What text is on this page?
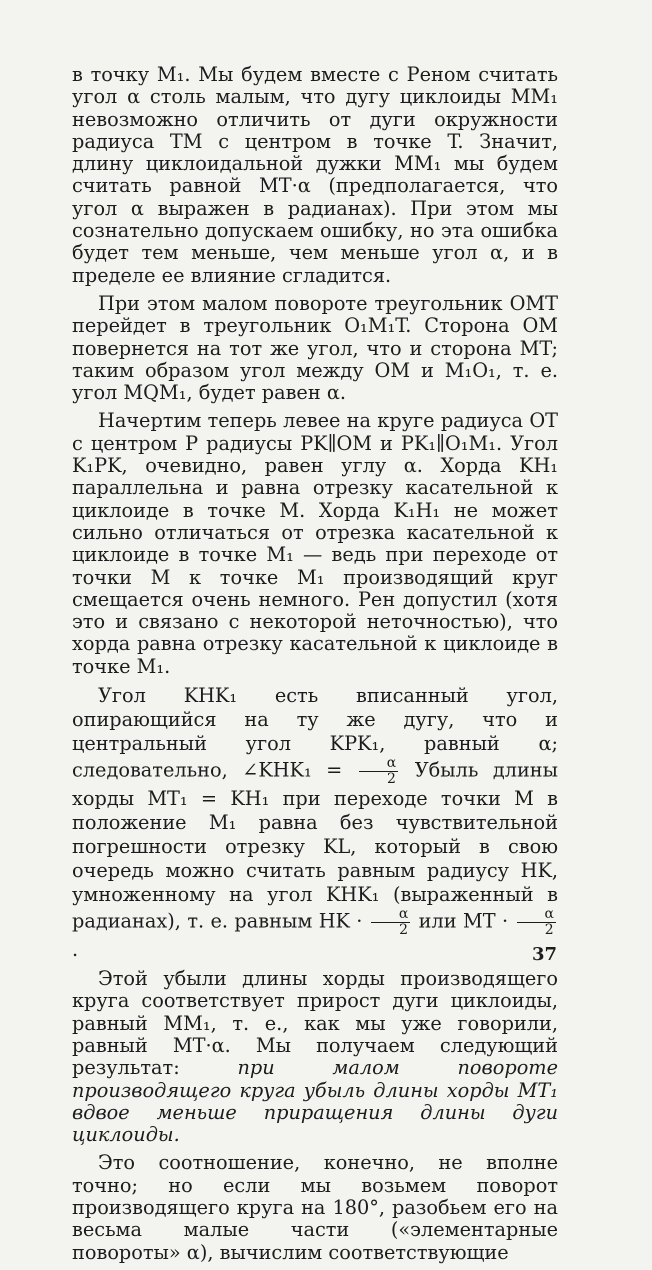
в точку M₁. Мы будем вместе с Реном считать угол α столь малым, что дугу циклоиды MM₁ невозможно отличить от дуги окружности радиуса TM с центром в точке T. Значит, длину циклоидальной дужки MM₁ мы будем считать равной MT·α (предполагается, что угол α выражен в радианах). При этом мы сознательно допускаем ошибку, но эта ошибка будет тем меньше, чем меньше угол α, и в пределе ее влияние сгладится.

При этом малом повороте треугольник OMT перейдет в треугольник O₁M₁T. Сторона OM повернется на тот же угол, что и сторона MT; таким образом угол между OM и M₁O₁, т. е. угол MQM₁, будет равен α.

Начертим теперь левее на круге радиуса OT с центром P радиусы PK∥OM и PK₁∥O₁M₁. Угол K₁PK, очевидно, равен углу α. Хорда KH₁ параллельна и равна отрезку касательной к циклоиде в точке M. Хорда K₁H₁ не может сильно отличаться от отрезка касательной к циклоиде в точке M₁ — ведь при переходе от точки M к точке M₁ производящий круг смещается очень немного. Рен допустил (хотя это и связано с некоторой неточностью), что хорда равна отрезку касательной к циклоиде в точке M₁.

Угол KHK₁ есть вписанный угол, опирающийся на ту же дугу, что и центральный угол KPK₁, равный α; следовательно, ∠KHK₁ = $\frac{\alpha}{2}$ Убыль длины хорды MT₁ = KH₁ при переходе точки M в положение M₁ равна без чувствительной погрешности отрезку KL, который в свою очередь можно считать равным радиусу HK, умноженному на угол KHK₁ (выраженный в радианах), т. е. равным HK · $\frac{\alpha}{2}$ или MT · $\frac{\alpha}{2}$
.

Этой убыли длины хорды производящего круга соответствует прирост дуги циклоиды, равный MM₁, т. е., как мы уже говорили, равный MT·α. Мы получаем следующий результат:	при малом повороте производящего круга убыль длины хорды MT₁ вдвое меньше приращения длины дуги циклоиды.

Это соотношение, конечно, не вполне точно; но если мы возьмем поворот производящего круга на 180°, разобьем его на весьма малые части («элементарные повороты» α), вычислим соответствующие

37
